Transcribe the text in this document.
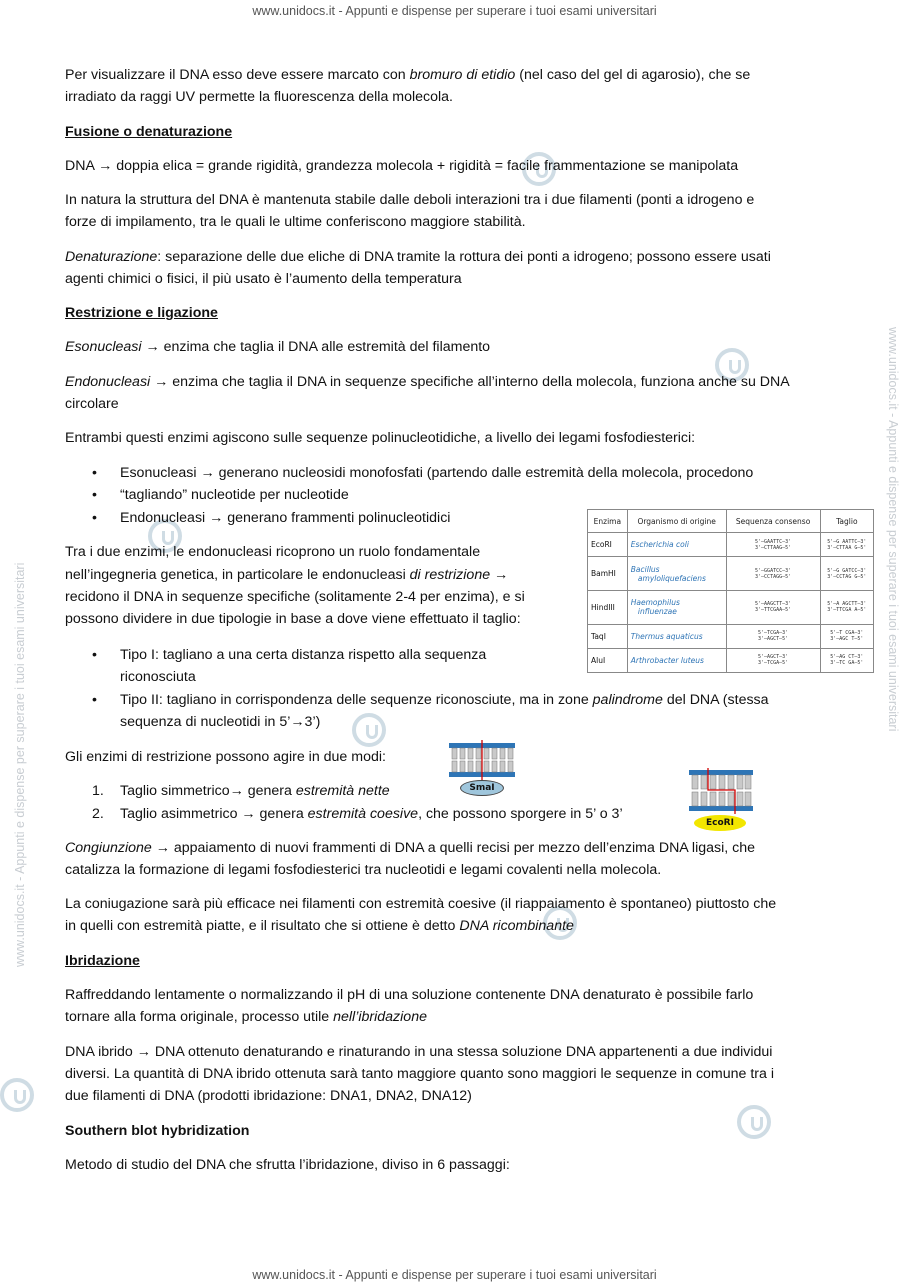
www.unidocs.it - Appunti e dispense per superare i tuoi esami universitari
www.unidocs.it - Appunti e dispense per superare i tuoi esami universitari
www.unidocs.it - Appunti e dispense per superare i tuoi esami universitari
www.unidocs.it - Appunti e dispense per superare i tuoi esami universitari
Per visualizzare il DNA esso deve essere marcato con bromuro di etidio (nel caso del gel di agarosio), che se
irradiato da raggi UV permette la fluorescenza della molecola.
Fusione o denaturazione
DNA → doppia elica = grande rigidità, grandezza molecola + rigidità = facile frammentazione se manipolata
In natura la struttura del DNA è mantenuta stabile dalle deboli interazioni tra i due filamenti (ponti a idrogeno e
forze di impilamento, tra le quali le ultime conferiscono maggiore stabilità.
Denaturazione: separazione delle due eliche di DNA tramite la rottura dei ponti a idrogeno; possono essere usati
agenti chimici o fisici, il più usato è l’aumento della temperatura
Restrizione e ligazione
Esonucleasi → enzima che taglia il DNA alle estremità del filamento
Endonucleasi → enzima che taglia il DNA in sequenze specifiche all’interno della molecola, funziona anche su DNA
circolare
Entrambi questi enzimi agiscono sulle sequenze polinucleotidiche, a livello dei legami fosfodiesterici:
• Esonucleasi → generano nucleosidi monofosfati (partendo dalle estremità della molecola, procedono
• “tagliando” nucleotide per nucleotide
• Endonucleasi → generano frammenti polinucleotidici
Tra i due enzimi, le endonucleasi ricoprono un ruolo fondamentale
nell’ingegneria genetica, in particolare le endonucleasi di restrizione →
recidono il DNA in sequenze specifiche (solitamente 2-4 per enzima), e si
possono dividere in due tipologie in base a dove viene effettuato il taglio:
• Tipo I: tagliano a una certa distanza rispetto alla sequenza
riconosciuta
• Tipo II: tagliano in corrispondenza delle sequenze riconosciute, ma in zone palindrome del DNA (stessa
sequenza di nucleotidi in 5’→3’)
Gli enzimi di restrizione possono agire in due modi:
1. Taglio simmetrico→ genera estremità nette
2. Taglio asimmetrico → genera estremità coesive, che possono sporgere in 5’ o 3’
Congiunzione → appaiamento di nuovi frammenti di DNA a quelli recisi per mezzo dell’enzima DNA ligasi, che
catalizza la formazione di legami fosfodiesterici tra nucleotidi e legami covalenti nella molecola.
La coniugazione sarà più efficace nei filamenti con estremità coesive (il riappaiamento è spontaneo) piuttosto che
in quelli con estremità piatte, e il risultato che si ottiene è detto DNA ricombinante
Ibridazione
Raffreddando lentamente o normalizzando il pH di una soluzione contenente DNA denaturato è possibile farlo
tornare alla forma originale, processo utile nell’ibridazione
DNA ibrido → DNA ottenuto denaturando e rinaturando in una stessa soluzione DNA appartenenti a due individui
diversi. La quantità di DNA ibrido ottenuta sarà tanto maggiore quanto sono maggiori le sequenze in comune tra i
due filamenti di DNA (prodotti ibridazione: DNA1, DNA2, DNA12)
Southern blot hybridization
Metodo di studio del DNA che sfrutta l’ibridazione, diviso in 6 passaggi:
Enzima	Organismo di origine	Sequenza consenso	Taglio
EcoRI	Escherichia coli	5'—GAATTC—3'
3'—CTTAAG—5'	5'—G AATTC—3'
3'—CTTAA G—5'
BamHI	Bacillus
amyloliquefaciens	5'—GGATCC—3'
3'—CCTAGG—5'	5'—G GATCC—3'
3'—CCTAG G—5'
HindIII	Haemophilus
influenzae	5'—AAGCTT—3'
3'—TTCGAA—5'	5'—A AGCTT—3'
3'—TTCGA A—5'
TaqI	Thermus aquaticus	5'—TCGA—3'
3'—AGCT—5'	5'—T CGA—3'
3'—AGC T—5'
AluI	Arthrobacter luteus	5'—AGCT—3'
3'—TCGA—5'	5'—AG CT—3'
3'—TC GA—5'
SmaI
EcoRI
